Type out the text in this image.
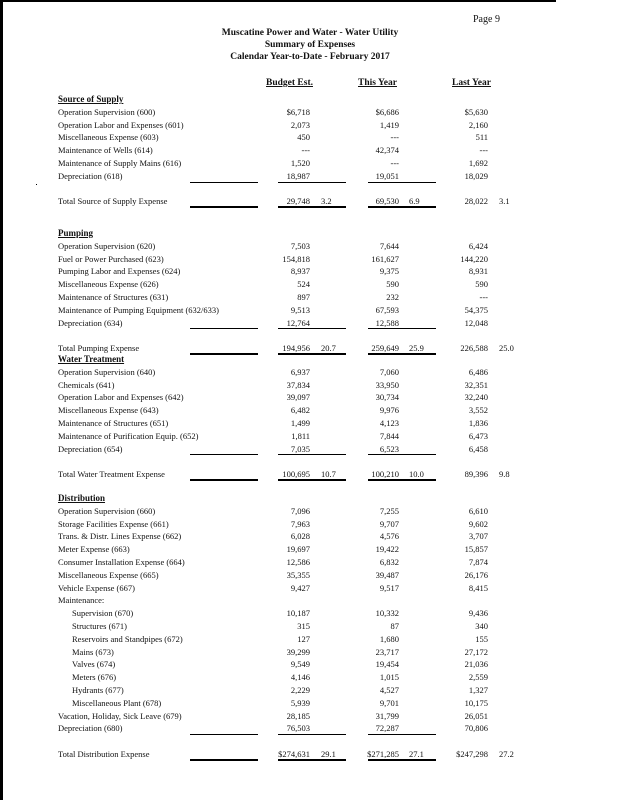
Page 9
Muscatine Power and Water - Water Utility
Summary of Expenses
Calendar Year-to-Date - February 2017
Budget Est.	This Year	Last Year
Source of Supply
Operation Supervision (600)	$6,718	$6,686	$5,630
Operation Labor and Expenses (601)	2,073	1,419	2,160
Miscellaneous Expense (603)	450	---	511
Maintenance of Wells (614)	---	42,374	---
Maintenance of Supply Mains (616)	1,520	---	1,692
Depreciation (618)	18,987	19,051	18,029
Total Source of Supply Expense	29,748 3.2	69,530 6.9	28,022 3.1
Pumping
Operation Supervision (620)	7,503	7,644	6,424
Fuel or Power Purchased (623)	154,818	161,627	144,220
Pumping Labor and Expenses (624)	8,937	9,375	8,931
Miscellaneous Expense (626)	524	590	590
Maintenance of Structures (631)	897	232	---
Maintenance of Pumping Equipment (632/633)	9,513	67,593	54,375
Depreciation (634)	12,764	12,588	12,048
Total Pumping Expense	194,956 20.7	259,649 25.9	226,588 25.0
Water Treatment
Operation Supervision (640)	6,937	7,060	6,486
Chemicals (641)	37,834	33,950	32,351
Operation Labor and Expenses (642)	39,097	30,734	32,240
Miscellaneous Expense (643)	6,482	9,976	3,552
Maintenance of Structures (651)	1,499	4,123	1,836
Maintenance of Purification Equip. (652)	1,811	7,844	6,473
Depreciation (654)	7,035	6,523	6,458
Total Water Treatment Expense	100,695 10.7	100,210 10.0	89,396 9.8
Distribution
Operation Supervision (660)	7,096	7,255	6,610
Storage Facilities Expense (661)	7,963	9,707	9,602
Trans. & Distr. Lines Expense (662)	6,028	4,576	3,707
Meter Expense (663)	19,697	19,422	15,857
Consumer Installation Expense (664)	12,586	6,832	7,874
Miscellaneous Expense (665)	35,355	39,487	26,176
Vehicle Expense (667)	9,427	9,517	8,415
Maintenance:
Supervision (670)	10,187	10,332	9,436
Structures (671)	315	87	340
Reservoirs and Standpipes (672)	127	1,680	155
Mains (673)	39,299	23,717	27,172
Valves (674)	9,549	19,454	21,036
Meters (676)	4,146	1,015	2,559
Hydrants (677)	2,229	4,527	1,327
Miscellaneous Plant (678)	5,939	9,701	10,175
Vacation, Holiday, Sick Leave (679)	28,185	31,799	26,051
Depreciation (680)	76,503	72,287	70,806
Total Distribution Expense	$274,631 29.1	$271,285 27.1	$247,298 27.2
